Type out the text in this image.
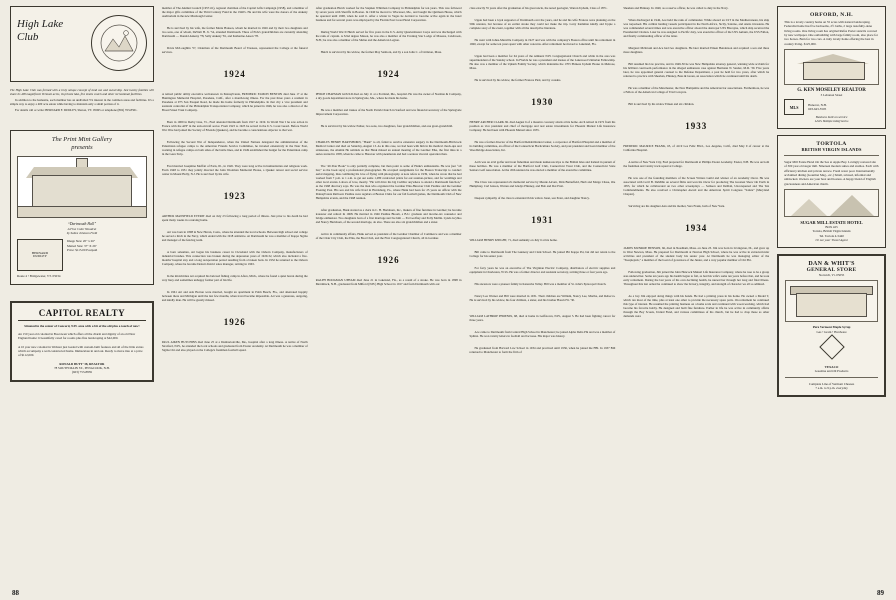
High Lake Club

The High Lake Club was formed with a truly unique concept of land use and ownership. Just twenty families will share its 400 magnificent Vermont acres, its private lake, five tennis courts and other recreational facilities.

In addition to the homesite, each member has an undivided 5% interest in the common areas and facilities. It's a simple way to enjoy a 400 acre estate while having to maintain only a small portion of it.

For details call or write: BERNARD F. DUDLEY, Sharon, VT. 05065 or telephone (802) 763-8501.

The Print Mint Gallery
presents
“Dartmouth Hall”
A Fine Color Woodcut
by Sabra Johnson Field
BERNARD
DUDLEY
Image Size: 20″ x 26″
Matted Size: 37″ X 26″
Price: $115.00 Postpaid
Route 4 • Bridgewater, VT. 05034
CAPITOL REALTY
Situated in the center of Concord, N.H. area with a bit of the old plus a touch of new!
An 150 year old colonial in Boscawen which offers all the charm and dignity of an old New England home: 6 beautifully cared for rooms plus fine landscaping at $42,000.
A 10 year new colonial in Webster just loaded with custom-built features and all of the little extras which accompany a well-constructed home. Immaculate in and out. Ready to move into at a price of $112,000.
RONALD BUTT '38, REALTOR
78 SOUTH MAIN ST., PENACOOK, N.H.
(603) 753-8839

member of The Alumni Council (1957-61), regional chairman of the Capital Gifts Campaign (1958), and a member of the major gifts committee of the Third Century Fund in the 1940's. He and his wife were the donors of the Ankeny Auditorium in the new Murdough Center.

He is survived by his wife, the former Marie Hanson, whom he married in 1926 and by their two daughters and two sons, one of whom, DeWalt H. Jr. '54, attended Dartmouth. Three of Pick's grandchildren are currently attending Dartmouth — Donald Ankeny '78, Sally Ankeny '81, and Katherine Anson '78.

Davis McLoughlin '57, Chairman of the Dartmouth Board of Trustees, represented the College at the funeral services.

1924

A retired public utility executive well-known in Pennsylvania, FREDERIC ELMON BENTON died June 17 at the Huntington Memorial Hospital, Pasadena, Calif., after a month-long illness. For the past three years a resident in Pasadena at 975 San Pasqual Road, he made his home formerly in Philadelphia. In that city a vice president and assistant controller of the Philadelphia Transportation Company, which he joined in 1946, he was also a director of the Broad Street Trust Company.

Born in 1909 in Derby Line, Vt., Fred attended Dartmouth from 1917 to 1919. In World War I he saw action in France with the AEF in the anti-aircraft sector. From 1923 to 1925 he served in the U.S. Coast Guard. Before World War II he had joined the Society of Friends (Quakers), and he became a conscientious objector to that war.

Following the Second War of Independence, when the United Nations delegated the administration of the Palestinian refugee camps to the American Friends Service Committee, he traveled extensively in the Near East, working in refugee camps on both sides of the battle lines, and in 1949 established the budget for the Palestinian camp in the Gaza Strip.

Fred married Josephine Moffatt of Paris, Ill., in 1926. They were long active in humanitarian and religious work. From 1948 to 1951 they jointly directed the John Woolman Memorial House, a Quaker retreat and social service center in Mount Holly, N.J. He is survived by his wife.

1923

ARTHUR MANSFIELD EVERIT died on July 23 following a long period of illness. Just prior to his death he had spent many weeks in a nursing home.

Art was born in 1898 in New Haven, Conn., where he attended the local schools. Between high school and college he served a hitch in the Navy, which ended with the 1918 armistice. At Dartmouth he was a member of Kappa Sigma and manager of the fencing team.

A born salesman, Art began his business career in Cleveland with the Osborn Company, manufacturers of industrial brushes. This connection was broken during the depression years of 1929-32, which also included a five-months' hospital stay and a long recuperation period resulting from a broken back. In 1932 he returned to the Osborn Company, where he became Detroit district sales manager, retiring in 1963.

In the mid-thirties Art acquired his beloved fishing camp in Afton, Mich., where he found a quiet haven during the very busy and sometimes unhappy former part of his life.

In 1961 Art and Ada Horton were married, bought an apartment in Palm Beach, Fla., and alternated happily between there and Michigan until the last few months, when travel became impossible. Art was a generous, outgoing, and kindly man. He will be greatly missed.

1926

PAUL AIKEN HUTCHINS died June 25 at a Dunbartonville, Me., hospital after a long illness. A native of North Stratford, N.H., he attended the local schools and graduated from Exeter Academy. At Dartmouth he was a member of Sigma Chi and also played on the College's freshman football squad.

After graduation Hutch worked for the Stephen Whitman Company in Philadelphia for ten years. This was followed by seven years with Sheriffs in Boston. In 1940 he moved to Wiscasset, Me., and bought the Quimsan House, which he operated until 1968, when he sold it. After a winter in Vegas he decided to become active again in the hotel business and for several years was employed by the Florida East Coast Hotel Corporation.

During World War II Hutch served for five years in the U.S. Army Quartermaster Corps and was discharged with the rank of captain. A 32nd degree Mason, he was also a member of the Evening Star Lodge of Masons, Colebrook, N.H.; he was also a member of the Shrine and the American Legion.

Hutch is survived by his widow, the former May Sanborn, and by a son John C. of Littleton, Mass.

1924

PHILIP CHAPMAN GOULD died on July 11 at a Portland, Me., hospital. He was the owner of Norman & Company, a dry goods department store in Springvale, Me., where he made his home.

He was a member and trustee of the North Parish Church in Sanford and was financial secretary of the Springvale Improvement Corporation.

He is survived by his widow Esther, two sons, two daughters, four grandchildren, and one great-grandchild.

CHARLES HENRY HARTSHORN, “Hank” to all, failed to survive extensive surgery in the Dartmouth-Hitchcock Medical Center and died on Saturday, August 13. As in this case, we had been with him in his medical check-ups and sicknesses, the Alumni He reminds us that Hank missed an annual meeting of the Gardner Elks, the first miss in a series started in 1958, when he came to Hanover with pneumonia and had a serious visceral operation then.

The ’40-Year Book” is only partially complete, but then point to some of Hank's enthusiasms. He was (not “all but,” as the book says) a professional photographer. He accepted assignments for the Boston Transcript to conduct aerial mapping, thus combining his love of flying with photography. A note refers to 1939, when he wrote that he had worked from 7 p.m. to 1 a.m. to get out some 1,280 contracted prints for our reunion-picture, and for weddings and other local events. Labors of love, mostly. “He will drive his big Cadillac anywhere to attend a Dartmouth function,” as the 1968 directory says. He was the man who organized the Gardner Elks-Hanover Club Pauline and the Gardner Evening Post. His son and his wife lived in Harrisburg, Pa., where Hank had been for 25 years an officer with the Pennsylvania Railroad. Pauline were regulars at Boston Clubs for our fall football games, the Dartmouth Club of New Hampshire events, and the 1968 reunion.

After graduation, Hank started as a clerk in C. H. Hartshorn, Inc., makers of fine furniture in Gardner; he became treasurer and retired In 1968. He married in 1946 Pauline Bloom, a B.U. graduate and income-tax counselor and bridge enthusiast. Two daughters born of a first marriage survive him — Pat Godfrey and Polly Mellin. Lynda Grybko and Nancy Hartshorn, of the second marriage, do also. There are also six grandchildren and a sister.

Active in community affairs, Hank served as president of the Gardner Chamber of Commerce and was a member of the Chair City Club, the Elks, the Boat Club, and the First Congregational Church, all in Gardner.

1926

RALPH HOOGMAN UPHAM died June 21 in Lakeland, Fla., as a result of a stroke. He was born in 1898 in Merrimack, N.H., graduated from Milford (N.H.) High School in 1917 and from Dartmouth with our

class exactly 55 years after the graduation of his great uncle, the noted geologist, Warren Upham, Class of 1871.

Uppie had been a loyal supporter of Dartmouth over the years, and he and his wife Frances were planning on the 50th reunion, but because of an earlier stroke they could not make the trip. Larry Kamman kindly and Uppie a complete story of the event, together with all the descriptive literature.

He went with Johns-Manville Company in 1927 and was with the company's Boston office until his retirement in 1960, except for some ten years spent with other concerns. After retirement he moved to Lakeland, Fla.

Uppie had been a member for 64 years of the Amherst N.H. Congregational Church and while in the area was superintendent of the Sunday school. In Florida he was a president and trustee of the Lakewood Unitarian Fellowship. He also was a member of the Upham Family Society, which maintains the 1703 Phineas Upham House in Melrose, Mass.

He is survived by his widow, the former Frances Plett, and by cousins.

1930

HENRY ARCHER CLARK JR. died August 6 of a massive coronary attack at his home. Arch retired in 1972 from his position as vice president and chief of mortgage and real estate investments for Phoenix Mutual Life Insurance Company. He had been with Phoenix Mutual since 1935.

He was a former director of the Hartford Rehabilitation Center, a corporator of Hartford Hospital and a member of its building committee, an officer of the Connecticut Horticulture Society, and past president and board member of the Woodbridge Association, Inc.

Arch was an avid golfer and trout fisherman and made numerous trips to the British Isles and Ireland in pursuit of these hobbies. He was a member of the Hartford Golf Club, Connecticut Trout Club, and the Connecticut State Seniors Golf Association. At the 45th reunion he was elected a member of the executive committee.

The Class was represented at's memorial service by Meade Alcorn, Dick Butterfield, Herb and Marge Chase, Ote Humphrey, Carl Jenson, Warren and Gladys Phinney, and Bob and Dot Pratt.

Deepest sympathy of the class is extended th his widow Janet, son Peter, and daughter Nancy.

1931

WILLIAM HENRY KNIGHT, 71, died suddenly on July 6 at his home.

Bill came to Dartmouth from The Gunnery and Clark School. He joined Phi Kappa Psi, but did not return to the College for his senior year.

For forty years he was an executive of The Virginian Electric Company, distributors of electric supplies and equipment in Charleston, W.Va. He was a former director and assistant secretary, retiring three or four years ago.

His ancestors were a pioneer family in Kanawha Valley. Bill was a member of St. John's Episcopal Church.

Nancy Lee Warner and Bill were married in 1931. Their children are William, Nancy Lee, Martha, and Rebecca. He is survived by his widow, his four children, a sister, and his brother Harold W. '30.

WILLIAM LATHROP PHOENIX, 68, died at home in Goffstown, N.H., August 5. He had been fighting cancer for three years.

Ace came to Dartmouth from Central High School in Manchester; he joined Alpha Delta Phi and was a member of Sphinx. He won varsity letters in football and lacrosse. His major was history.

He graduated from Harvard Law School in 1934 and practiced until 1936, when he joined the FBI. In 1937 Bill returned to Manchester to form the firm of

Sheehan and Phinney. In 1940, as a reserve officer, he was called to duty in the Navy.

When discharged in 1946, Ace held the rank of commander. While aboard an LST in the Mediterranean, his ship was torpedoed. His combat landing vessels participated in the North Africa, Sicily, Salerno, and Anzio invasions. He was commended several times and was executive officer aboard the destroyer USS Biscayne, which ship received the Presidential Citation. Later he was assigned to Pacific duty, was executive officer of the USS Auburn, the USS Fallon, and finally commanding officer of the latter.

Margaret McIntosh and Ace had two daughters. He later married Eileen Henderson and acquired a son and three more daughters.

Bill resumed his law practice, and in 1949-50 he was New Hampshire attorney general, winning wide acclaim for his brilliant courtroom performance in the alleged euthanasia case against Hermann N. Sander, M.D. '30. Five years later, he was appointed general counsel to the Defense Department, a post he held for two years, after which he returned to practice with Sheehan, Phinney, Bass & Green, an association which he continued until his death.

He was a member of the Manchester, the New Hampshire and the American bar associations. Furthermore, he was a Fellow of the American College of Trial Lawyers.

Bill is survived by his widow Eileen and six children.

1933

FREDERIC MAURICE FRANK, 65, of 4119 Los Feliz Blvd., Los Angeles, Calif., died May 9 of cancer at the California Hospital.

A native of New York City, Fred prepared for Dartmouth at Phillips Exeter Academy. Exeter, N.H. He was on both the freshman and varsity track squad at College.

He was one of the founding members of the Screen Writers Guild and winner of an Academy Oscar. He was associated with Cecil B. DeMille on several films and won his Oscar for producing The Greatest Show On Earth in 1953, for which he collaborated on two other screenplays — Samson and Delilah, Unconquered and The Ten Commandments. He also received a Christopher Award and the American Spirit Congress “Salute” (Maryland Chapter).

Surviving are his daughter Ann and his mother, Vera Frank, both of New York.

1934

JAMES MUNROE BENSON, 66, died in Needham, Mass. on June 23. Jim was born in Livingston, Ill., and grew up in West Newton, Mass. He prepared for Dartmouth at Newton High School, where he was active in extracurricular activities and president of the student body his senior year. At Dartmouth he was managing editor of the “Steeplejack,” a member of the board of governors of the Junior, and a very popular member of Chi Phi.

Following graduation, Jim joined the John Hancock Mutual Life Insurance Company, where he rose to be a group area underwriter. Some ten years ago his health began to fail, as had his wife's some ten years before that, and he took early retirement. During the last years of his own declining health, he nursed her through her long and final illness. Throughout this last ordeal he continued to show the bravery, integrity, and strength of character we all so admired.

As a boy Jim enjoyed doing things with his hands. He had a printing press in his home. He owned a Model T, which ran most of the time, plus at least one other to provide the necessary spare parts. On retirement he continued this type of interest. He resumed the printing business on a home scale and continued with wood-working, which had become his favorite hobby. He designed and built fine furniture. Earlier in life he was active in community affairs through the Boy Scouts, United Fund, and various committees of his church, but he had to drop these as other demands were

ORFORD, N.H.
This is a lovely country home on 55 acres with natural landscaping. Federalist home has five bedrooms, 2½ baths, 2 large tastefully-done living rooms. One living room has original Rufus Porter stencils covered by new wallpaper. One outbuilding with large family room, also place for two horses. Barn for two cars. A truly lovely home offering the best in country living. $125,000.
G. KEN MOSELEY REALTOR
3 Lebanon Street
MLS	Hanover, N.H.
603-643-5505
Business built on service
A.M.S. Multiple Listing Service
TORTOLA
BRITISH VIRGIN ISLANDS
Sugar Mill Estate Hotel On the Sea at Apple Bay. Lovingly restored site of 300 year old sugar mill. Nineteen modern suites and studios. Each with efficiency kitchen and private terrace. Fresh water pool. Internationally acclaimed dining (Gourmet Mag., etc.) Small, relaxed, informal and unblocked. Owners are your host and hostess. A happy blend of English graciousness and American charm.
SUGAR MILL ESTATE HOTEL
BOX 425
Tortola, British Virgin Islands
Tel. Tortola 4-5440
Or see your Travel Agent
DAN & WHIT'S
GENERAL STORE
Norwich, Vt. 05055
Pure Vermont Maple Syrup
Gas • Grain • Hardware
TEXACO
Gasoline and Oil Products
Complete Line of Vermont Cheeses
7 a.m. to 9 p.m. everyday
88	89
